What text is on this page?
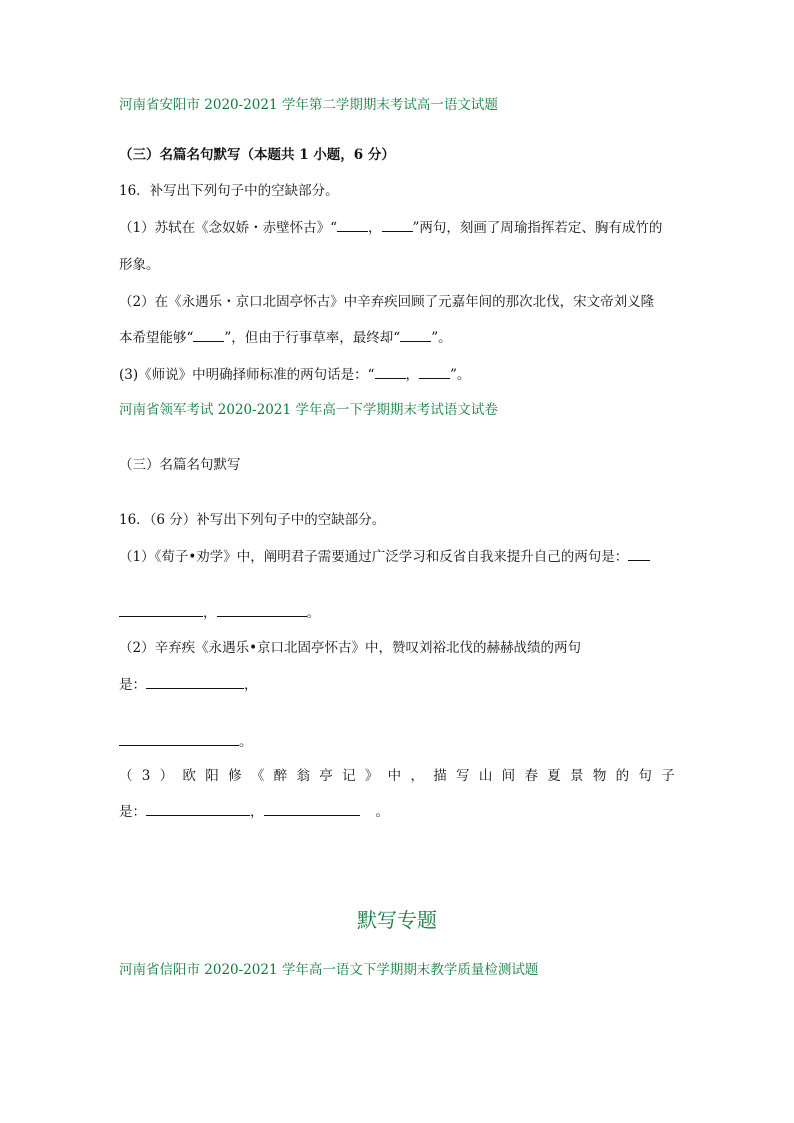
河南省安阳市 2020-2021 学年第二学期期末考试高一语文试题
（三）名篇名句默写（本题共 1 小题，6 分）
16．补写出下列句子中的空缺部分。
（1）苏轼在《念奴娇・赤壁怀古》“ ， ”两句，刻画了周瑜指挥若定、胸有成竹的
形象。
（2）在《永遇乐・京口北固亭怀古》中辛弃疾回顾了元嘉年间的那次北伐，宋文帝刘义隆
本希望能够“ ”，但由于行事草率，最终却“ ”。
(3)《师说》中明确择师标准的两句话是：“ ， ”。
河南省领军考试 2020-2021 学年高一下学期期末考试语文试卷
（三）名篇名句默写
16．（6 分）补写出下列句子中的空缺部分。
（1）《荀子•劝学》中，阐明君子需要通过广泛学习和反省自我来提升自己的两句是：
，	。
（2）辛弃疾《永遇乐•京口北固亭怀古》中，赞叹刘裕北伐的赫赫战绩的两句
是：	，
。
（ 3 ） 欧 阳 修 《 醉 翁 亭 记 》 中 ， 描 写 山 间 春 夏 景 物 的 句 子
是：	，	。
默写专题
河南省信阳市 2020-2021 学年高一语文下学期期末教学质量检测试题
